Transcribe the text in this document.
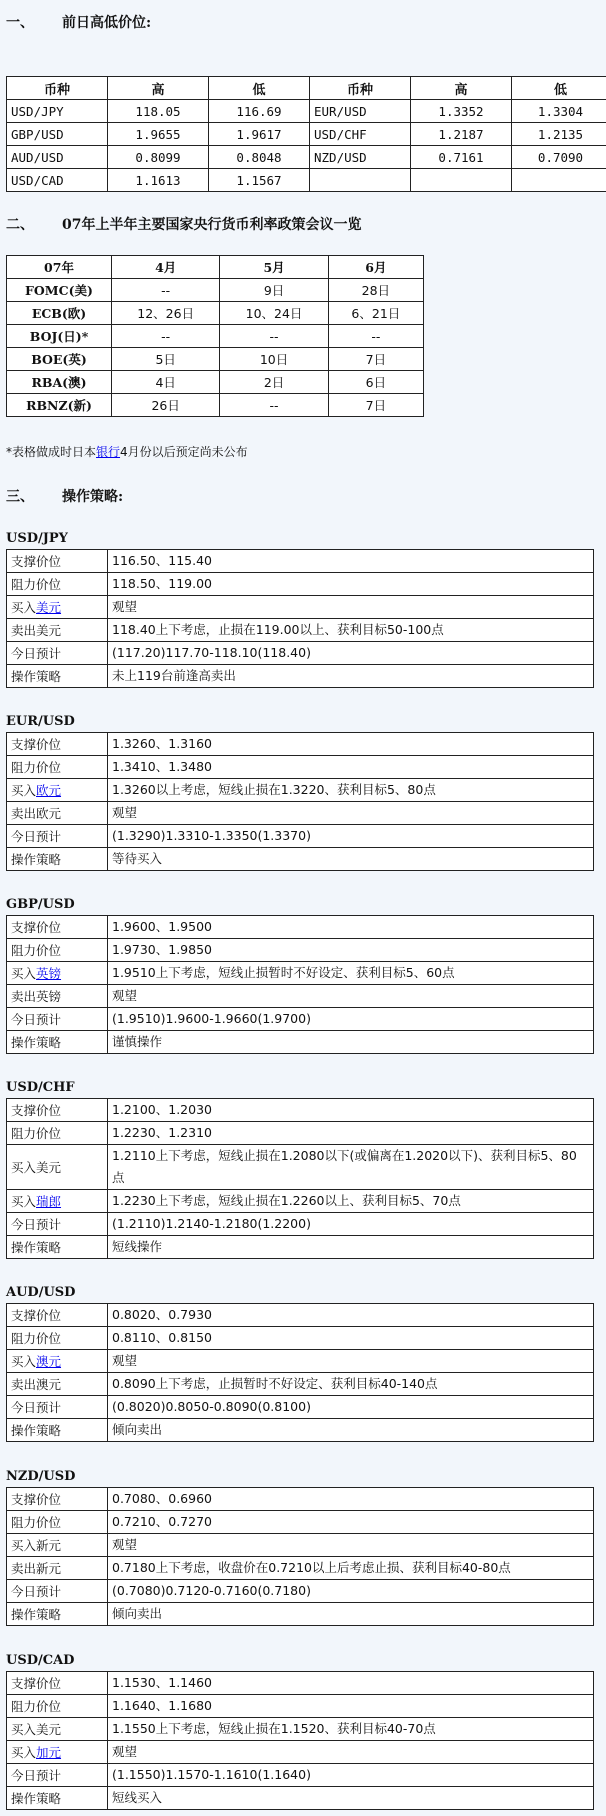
一、 前日高低价位:
币种	高	低	币种	高	低
USD/JPY	118.05	116.69	EUR/USD	1.3352	1.3304
GBP/USD	1.9655	1.9617	USD/CHF	1.2187	1.2135
AUD/USD	0.8099	0.8048	NZD/USD	0.7161	0.7090
USD/CAD	1.1613	1.1567			
二、 07年上半年主要国家央行货币利率政策会议一览
07年	4月	5月	6月
FOMC(美)	--	9日	28日
ECB(欧)	12、26日	10、24日	6、21日
BOJ(日)*	--	--	--
BOE(英)	5日	10日	7日
RBA(澳)	4日	2日	6日
RBNZ(新)	26日	--	7日
*表格做成时日本银行4月份以后预定尚未公布
三、 操作策略:
USD/JPY
支撑价位	116.50、115.40
阻力价位	118.50、119.00
买入美元	观望
卖出美元	118.40上下考虑，止损在119.00以上、获利目标50-100点
今日预计	(117.20)117.70-118.10(118.40)
操作策略	未上119台前逢高卖出
EUR/USD
支撑价位	1.3260、1.3160
阻力价位	1.3410、1.3480
买入欧元	1.3260以上考虑，短线止损在1.3220、获利目标5、80点
卖出欧元	观望
今日预计	(1.3290)1.3310-1.3350(1.3370)
操作策略	等待买入
GBP/USD
支撑价位	1.9600、1.9500
阻力价位	1.9730、1.9850
买入英镑	1.9510上下考虑，短线止损暂时不好设定、获利目标5、60点
卖出英镑	观望
今日预计	(1.9510)1.9600-1.9660(1.9700)
操作策略	谨慎操作
USD/CHF
支撑价位	1.2100、1.2030
阻力价位	1.2230、1.2310
买入美元	1.2110上下考虑，短线止损在1.2080以下(或偏离在1.2020以下)、获利目标5、80点
买入瑞郎	1.2230上下考虑，短线止损在1.2260以上、获利目标5、70点
今日预计	(1.2110)1.2140-1.2180(1.2200)
操作策略	短线操作
AUD/USD
支撑价位	0.8020、0.7930
阻力价位	0.8110、0.8150
买入澳元	观望
卖出澳元	0.8090上下考虑，止损暂时不好设定、获利目标40-140点
今日预计	(0.8020)0.8050-0.8090(0.8100)
操作策略	倾向卖出
NZD/USD
支撑价位	0.7080、0.6960
阻力价位	0.7210、0.7270
买入新元	观望
卖出新元	0.7180上下考虑，收盘价在0.7210以上后考虑止损、获利目标40-80点
今日预计	(0.7080)0.7120-0.7160(0.7180)
操作策略	倾向卖出
USD/CAD
支撑价位	1.1530、1.1460
阻力价位	1.1640、1.1680
买入美元	1.1550上下考虑，短线止损在1.1520、获利目标40-70点
买入加元	观望
今日预计	(1.1550)1.1570-1.1610(1.1640)
操作策略	短线买入
